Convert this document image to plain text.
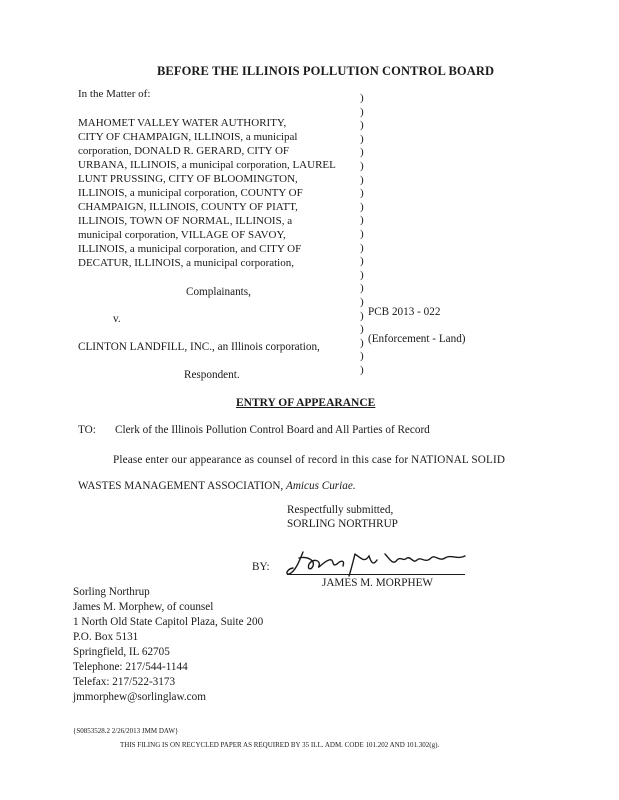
BEFORE THE ILLINOIS POLLUTION CONTROL BOARD
In the Matter of:
MAHOMET VALLEY WATER AUTHORITY,
CITY OF CHAMPAIGN, ILLINOIS, a municipal
corporation, DONALD R. GERARD, CITY OF
URBANA, ILLINOIS, a municipal corporation, LAUREL
LUNT PRUSSING, CITY OF BLOOMINGTON,
ILLINOIS, a municipal corporation, COUNTY OF
CHAMPAIGN, ILLINOIS, COUNTY OF PIATT,
ILLINOIS, TOWN OF NORMAL, ILLINOIS, a
municipal corporation, VILLAGE OF SAVOY,
ILLINOIS, a municipal corporation, and CITY OF
DECATUR, ILLINOIS, a municipal corporation,
Complainants,
v.
CLINTON LANDFILL, INC., an Illinois corporation,
Respondent.
)
)
)
)
)
)
)
)
)
)
)
)
)
)
)
)
)
)
)
)
)
PCB 2013 - 022
(Enforcement - Land)
ENTRY OF APPEARANCE
TO: Clerk of the Illinois Pollution Control Board and All Parties of Record
Please enter our appearance as counsel of record in this case for NATIONAL SOLID
WASTES MANAGEMENT ASSOCIATION, Amicus Curiae.
Respectfully submitted,
SORLING NORTHRUP
BY:
JAMES M. MORPHEW
Sorling Northrup
James M. Morphew, of counsel
1 North Old State Capitol Plaza, Suite 200
P.O. Box 5131
Springfield, IL 62705
Telephone: 217/544-1144
Telefax: 217/522-3173
jmmorphew@sorlinglaw.com
{S0853528.2 2/26/2013 JMM DAW}
THIS FILING IS ON RECYCLED PAPER AS REQUIRED BY 35 ILL. ADM. CODE 101.202 AND 101.302(g).
